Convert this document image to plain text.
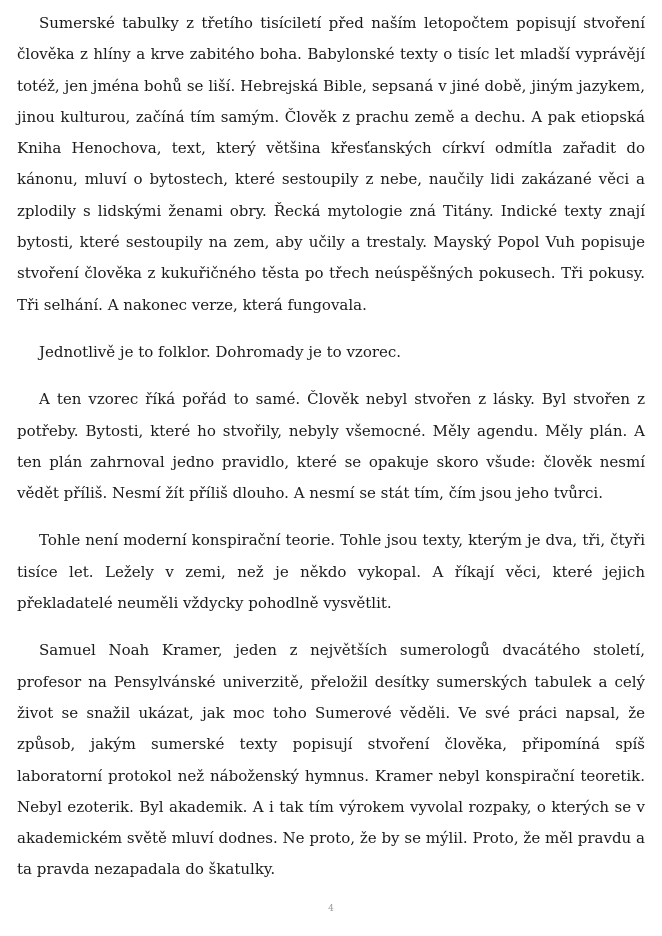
Sumerské tabulky z třetího tisíciletí před naším letopočtem popisují stvoření člověka z hlíny a krve zabitého boha. Babylonské texty o tisíc let mladší vyprávějí totéž, jen jména bohů se liší. Hebrejská Bible, sepsaná v jiné době, jiným jazykem, jinou kulturou, začíná tím samým. Člověk z prachu země a dechu. A pak etiopská Kniha Henochova, text, který většina křesťanských církví odmítla zařadit do kánonu, mluví o bytostech, které sestoupily z nebe, naučily lidi zakázané věci a zplodily s lidskými ženami obry. Řecká mytologie zná Titány. Indické texty znají bytosti, které sestoupily na zem, aby učily a trestaly. Mayský Popol Vuh popisuje stvoření člověka z kukuřičného těsta po třech neúspěšných pokusech. Tři pokusy. Tři selhání. A nakonec verze, která fungovala.

Jednotlivě je to folklor. Dohromady je to vzorec.

A ten vzorec říká pořád to samé. Člověk nebyl stvořen z lásky. Byl stvořen z potřeby. Bytosti, které ho stvořily, nebyly všemocné. Měly agendu. Měly plán. A ten plán zahrnoval jedno pravidlo, které se opakuje skoro všude: člověk nesmí vědět příliš. Nesmí žít příliš dlouho. A nesmí se stát tím, čím jsou jeho tvůrci.

Tohle není moderní konspirační teorie. Tohle jsou texty, kterým je dva, tři, čtyři tisíce let. Ležely v zemi, než je někdo vykopal. A říkají věci, které jejich překladatelé neuměli vždycky pohodlně vysvětlit.

Samuel Noah Kramer, jeden z největších sumerologů dvacátého století, profesor na Pensylvánské univerzitě, přeložil desítky sumerských tabulek a celý život se snažil ukázat, jak moc toho Sumerové věděli. Ve své práci napsal, že způsob, jakým sumerské texty popisují stvoření člověka, připomíná spíš laboratorní protokol než náboženský hymnus. Kramer nebyl konspirační teoretik. Nebyl ezoterik. Byl akademik. A i tak tím výrokem vyvolal rozpaky, o kterých se v akademickém světě mluví dodnes. Ne proto, že by se mýlil. Proto, že měl pravdu a ta pravda nezapadala do škatulky.

4
